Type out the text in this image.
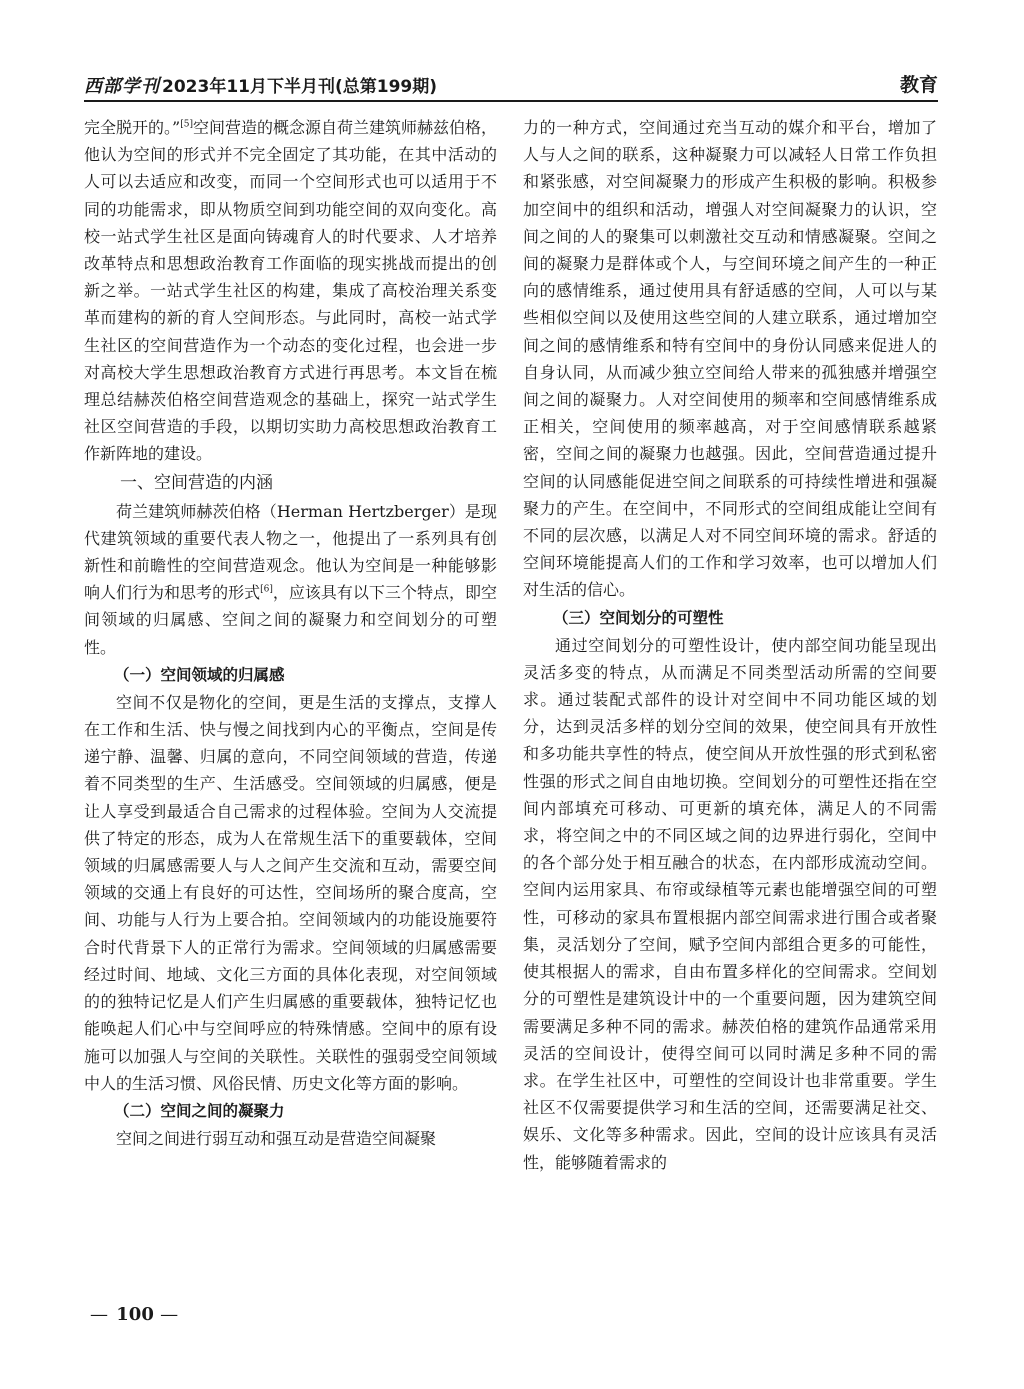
西部学刊 2023年11月下半月刊(总第199期)	教育

完全脱开的。”[5]空间营造的概念源自荷兰建筑师赫兹伯格，他认为空间的形式并不完全固定了其功能，在其中活动的人可以去适应和改变，而同一个空间形式也可以适用于不同的功能需求，即从物质空间到功能空间的双向变化。高校一站式学生社区是面向铸魂育人的时代要求、人才培养改革特点和思想政治教育工作面临的现实挑战而提出的创新之举。一站式学生社区的构建，集成了高校治理关系变革而建构的新的育人空间形态。与此同时，高校一站式学生社区的空间营造作为一个动态的变化过程，也会进一步对高校大学生思想政治教育方式进行再思考。本文旨在梳理总结赫茨伯格空间营造观念的基础上，探究一站式学生社区空间营造的手段，以期切实助力高校思想政治教育工作新阵地的建设。

一、空间营造的内涵

荷兰建筑师赫茨伯格（Herman Hertzberger）是现代建筑领域的重要代表人物之一，他提出了一系列具有创新性和前瞻性的空间营造观念。他认为空间是一种能够影响人们行为和思考的形式[6]，应该具有以下三个特点，即空间领域的归属感、空间之间的凝聚力和空间划分的可塑性。

（一）空间领域的归属感

空间不仅是物化的空间，更是生活的支撑点，支撑人在工作和生活、快与慢之间找到内心的平衡点，空间是传递宁静、温馨、归属的意向，不同空间领域的营造，传递着不同类型的生产、生活感受。空间领域的归属感，便是让人享受到最适合自己需求的过程体验。空间为人交流提供了特定的形态，成为人在常规生活下的重要载体，空间领域的归属感需要人与人之间产生交流和互动，需要空间领域的交通上有良好的可达性，空间场所的聚合度高，空间、功能与人行为上要合拍。空间领域内的功能设施要符合时代背景下人的正常行为需求。空间领域的归属感需要经过时间、地域、文化三方面的具体化表现，对空间领域的的独特记忆是人们产生归属感的重要载体，独特记忆也能唤起人们心中与空间呼应的特殊情感。空间中的原有设施可以加强人与空间的关联性。关联性的强弱受空间领域中人的生活习惯、风俗民情、历史文化等方面的影响。

（二）空间之间的凝聚力

空间之间进行弱互动和强互动是营造空间凝聚

力的一种方式，空间通过充当互动的媒介和平台，增加了人与人之间的联系，这种凝聚力可以减轻人日常工作负担和紧张感，对空间凝聚力的形成产生积极的影响。积极参加空间中的组织和活动，增强人对空间凝聚力的认识，空间之间的人的聚集可以刺激社交互动和情感凝聚。空间之间的凝聚力是群体或个人，与空间环境之间产生的一种正向的感情维系，通过使用具有舒适感的空间，人可以与某些相似空间以及使用这些空间的人建立联系，通过增加空间之间的感情维系和特有空间中的身份认同感来促进人的自身认同，从而减少独立空间给人带来的孤独感并增强空间之间的凝聚力。人对空间使用的频率和空间感情维系成正相关，空间使用的频率越高，对于空间感情联系越紧密，空间之间的凝聚力也越强。因此，空间营造通过提升空间的认同感能促进空间之间联系的可持续性增进和强凝聚力的产生。在空间中，不同形式的空间组成能让空间有不同的层次感，以满足人对不同空间环境的需求。舒适的空间环境能提高人们的工作和学习效率，也可以增加人们对生活的信心。

（三）空间划分的可塑性

通过空间划分的可塑性设计，使内部空间功能呈现出灵活多变的特点，从而满足不同类型活动所需的空间要求。通过装配式部件的设计对空间中不同功能区域的划分，达到灵活多样的划分空间的效果，使空间具有开放性和多功能共享性的特点，使空间从开放性强的形式到私密性强的形式之间自由地切换。空间划分的可塑性还指在空间内部填充可移动、可更新的填充体，满足人的不同需求，将空间之中的不同区域之间的边界进行弱化，空间中的各个部分处于相互融合的状态，在内部形成流动空间。空间内运用家具、布帘或绿植等元素也能增强空间的可塑性，可移动的家具布置根据内部空间需求进行围合或者聚集，灵活划分了空间，赋予空间内部组合更多的可能性，使其根据人的需求，自由布置多样化的空间需求。空间划分的可塑性是建筑设计中的一个重要问题，因为建筑空间需要满足多种不同的需求。赫茨伯格的建筑作品通常采用灵活的空间设计，使得空间可以同时满足多种不同的需求。在学生社区中，可塑性的空间设计也非常重要。学生社区不仅需要提供学习和生活的空间，还需要满足社交、娱乐、文化等多种需求。因此，空间的设计应该具有灵活性，能够随着需求的

— 100 —
